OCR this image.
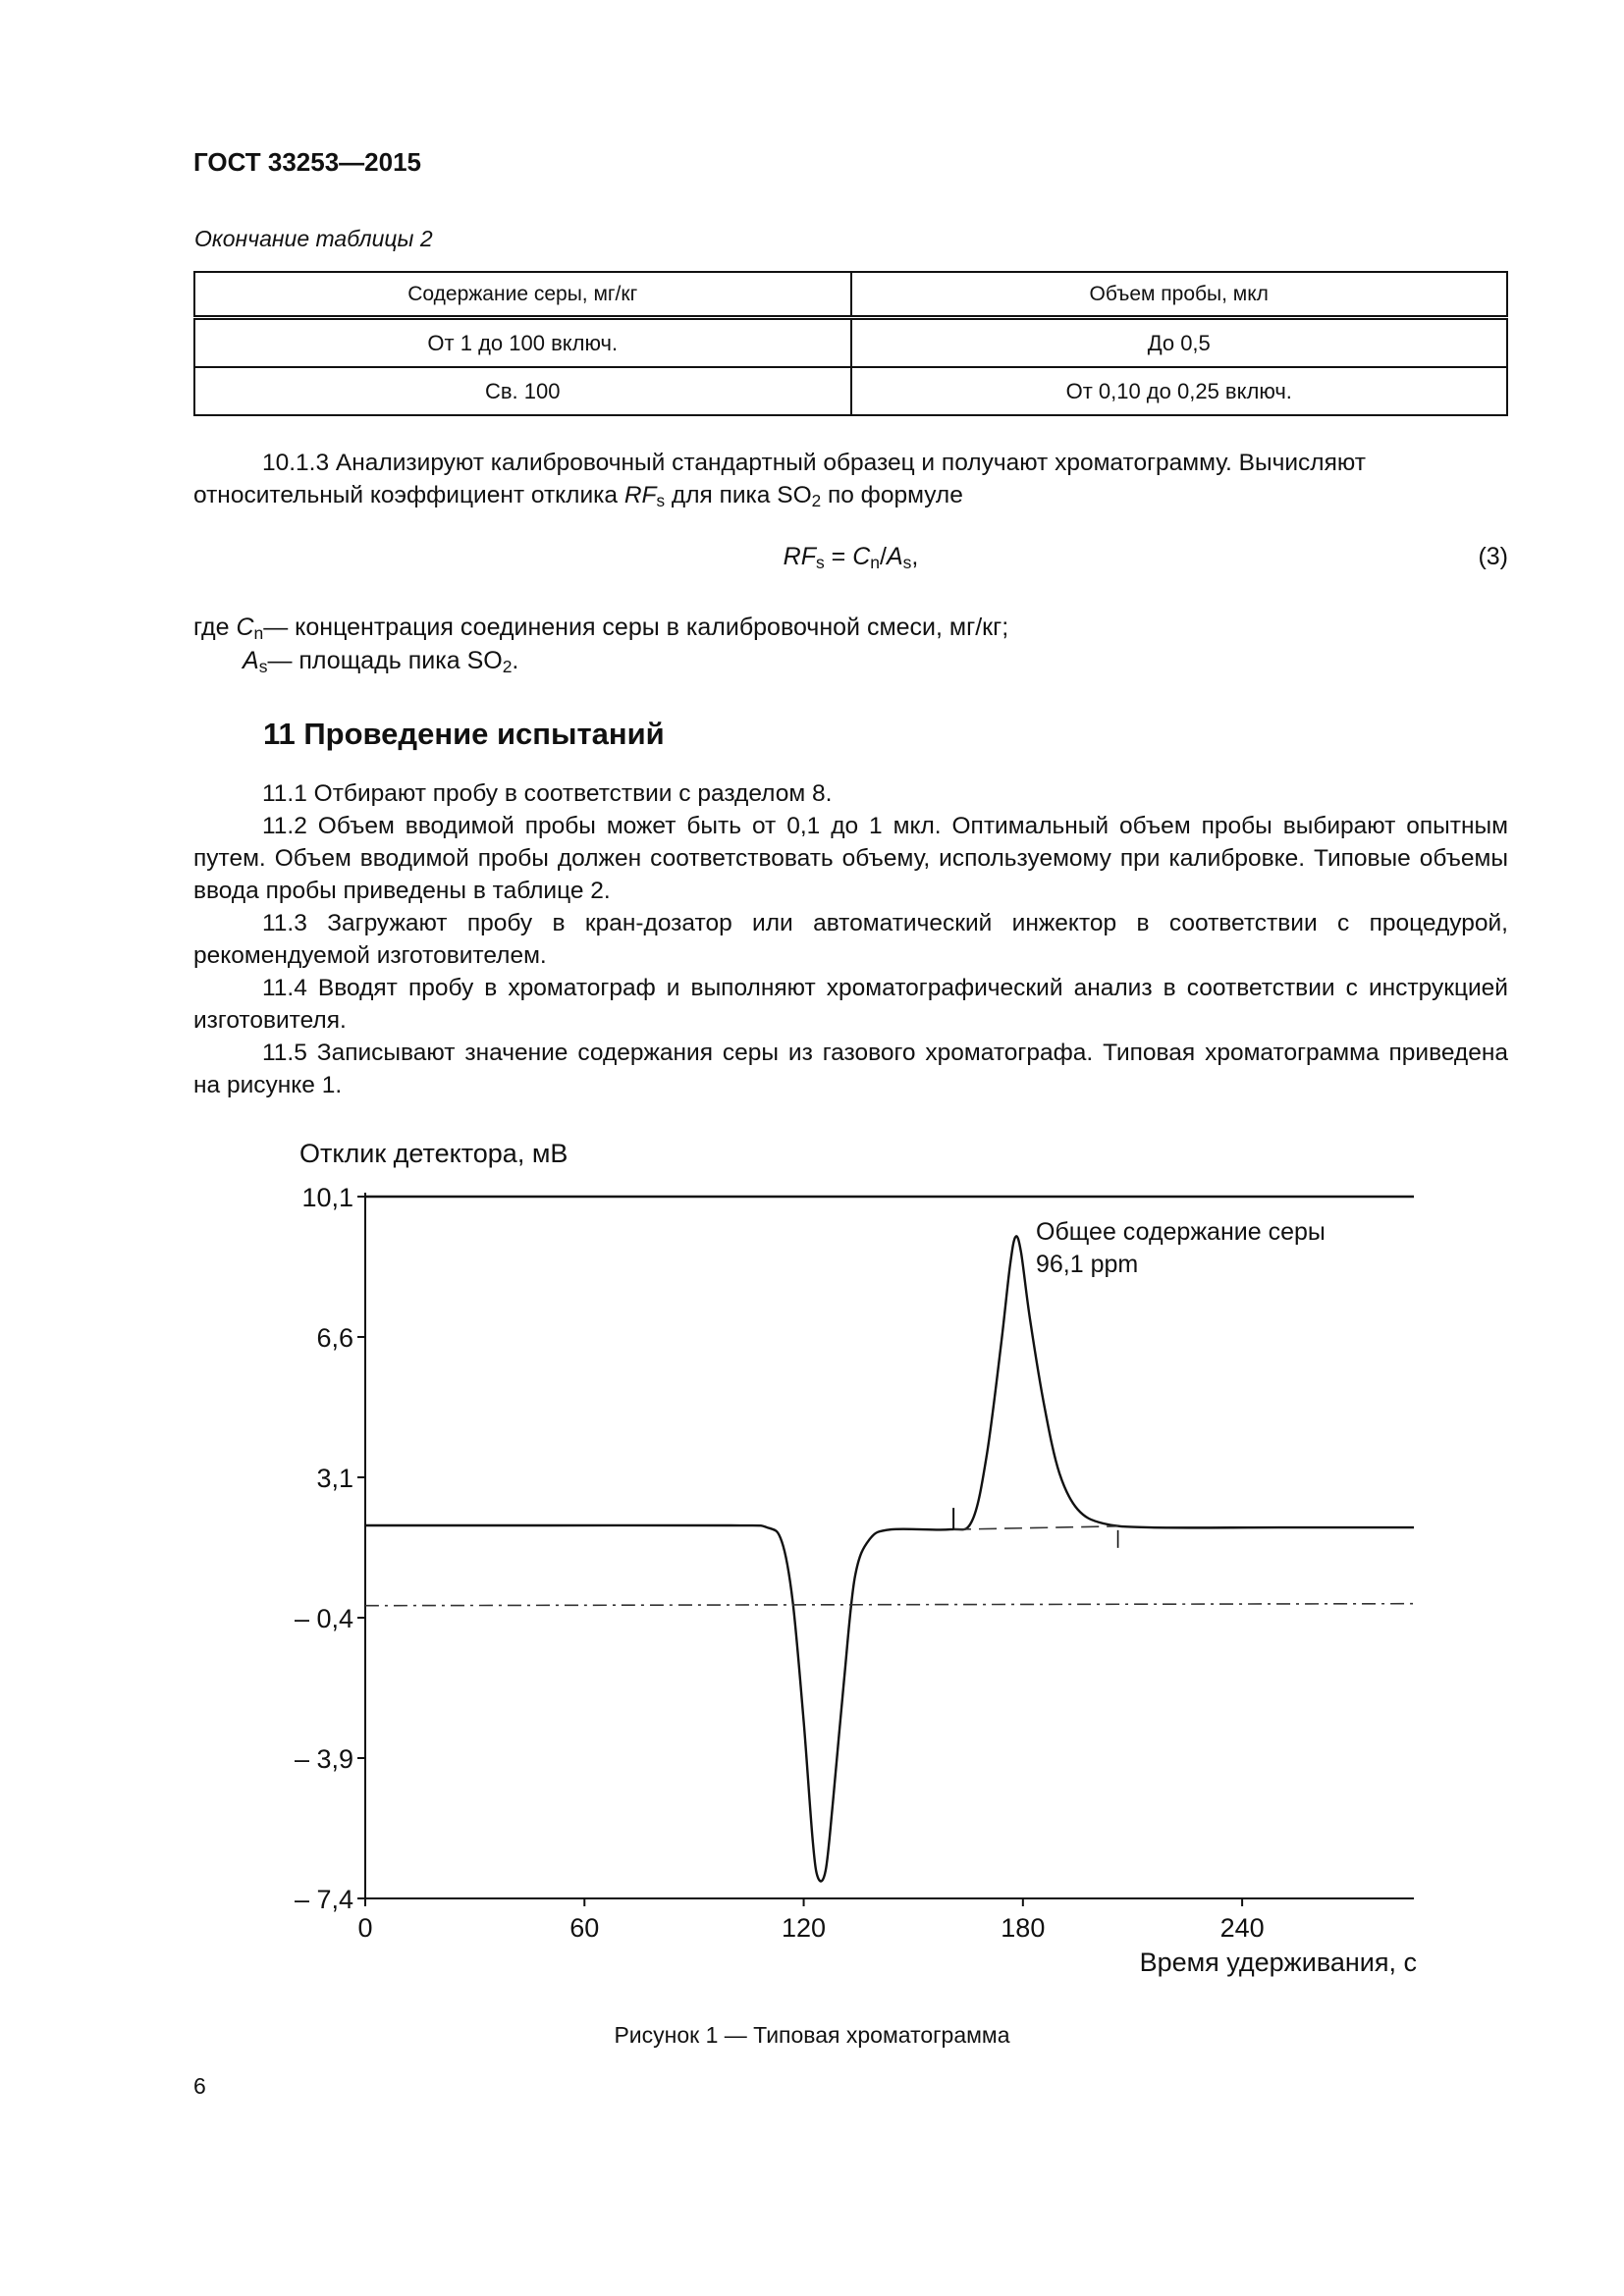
ГОСТ 33253—2015
Окончание таблицы 2
Содержание серы, мг/кг	Объем пробы, мкл
От 1 до 100 включ.	До 0,5
Св. 100	От 0,10 до 0,25 включ.

10.1.3 Анализируют калибровочный стандартный образец и получают хроматограмму. Вычисляют

относительный коэффициент отклика $RF_s$ для пика $SO_2$ по формуле

$RF_s = C_n/A_s$,	(3)
где $C_n—$ концентрация соединения серы в калибровочной смеси, мг/кг;
$A_s—$ площадь пика $SO_2$.
11 Проведение испытаний

11.1 Отбирают пробу в соответствии с разделом 8.

11.2 Объем вводимой пробы может быть от 0,1 до 1 мкл. Оптимальный объем пробы выбирают опытным путем. Объем вводимой пробы должен соответствовать объему, используемому при калибровке. Типовые объемы ввода пробы приведены в таблице 2.

11.3 Загружают пробу в кран-дозатор или автоматический инжектор в соответствии с процедурой, рекомендуемой изготовителем.

11.4 Вводят пробу в хроматограф и выполняют хроматографический анализ в соответствии с инструкцией изготовителя.

11.5 Записывают значение содержания серы из газового хроматографа. Типовая хроматограмма приведена на рисунке 1.

Отклик детектора, мВ
Время удерживания, с
10,1
6,6
3,1
– 0,4
– 3,9
– 7,4
0	60	120	180	240
Общее содержание серы
96,1 ppm
Рисунок 1 — Типовая хроматограмма
6
